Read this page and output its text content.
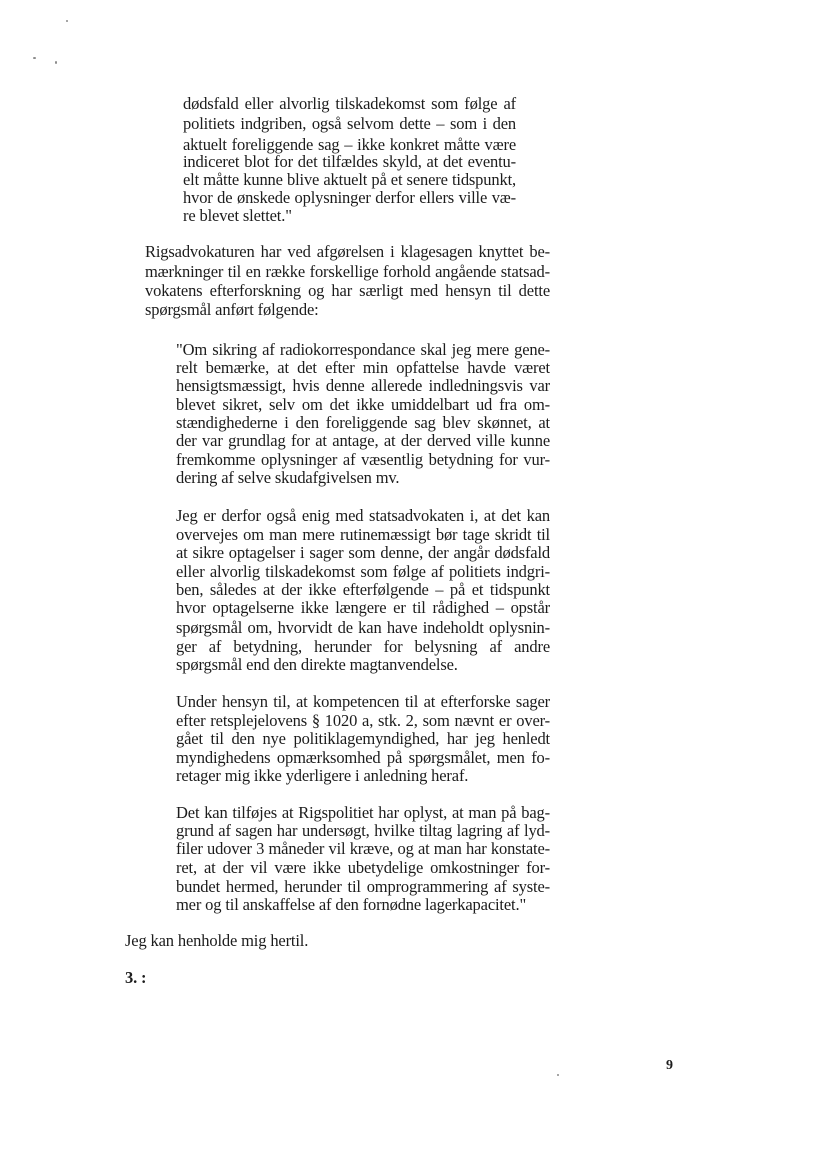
dødsfald eller alvorlig tilskadekomst som følge af
politiets indgriben, også selvom dette – som i den
aktuelt foreliggende sag – ikke konkret måtte være
indiceret blot for det tilfældes skyld, at det eventu-
elt måtte kunne blive aktuelt på et senere tidspunkt,
hvor de ønskede oplysninger derfor ellers ville væ-
re blevet slettet."
Rigsadvokaturen har ved afgørelsen i klagesagen knyttet be-
mærkninger til en række forskellige forhold angående statsad-
vokatens efterforskning og har særligt med hensyn til dette
spørgsmål anført følgende:
"Om sikring af radiokorrespondance skal jeg mere gene-
relt bemærke, at det efter min opfattelse havde været
hensigtsmæssigt, hvis denne allerede indledningsvis var
blevet sikret, selv om det ikke umiddelbart ud fra om-
stændighederne i den foreliggende sag blev skønnet, at
der var grundlag for at antage, at der derved ville kunne
fremkomme oplysninger af væsentlig betydning for vur-
dering af selve skudafgivelsen mv.
Jeg er derfor også enig med statsadvokaten i, at det kan
overvejes om man mere rutinemæssigt bør tage skridt til
at sikre optagelser i sager som denne, der angår dødsfald
eller alvorlig tilskadekomst som følge af politiets indgri-
ben, således at der ikke efterfølgende – på et tidspunkt
hvor optagelserne ikke længere er til rådighed – opstår
spørgsmål om, hvorvidt de kan have indeholdt oplysnin-
ger af betydning, herunder for belysning af andre
spørgsmål end den direkte magtanvendelse.
Under hensyn til, at kompetencen til at efterforske sager
efter retsplejelovens § 1020 a, stk. 2, som nævnt er over-
gået til den nye politiklagemyndighed, har jeg henledt
myndighedens opmærksomhed på spørgsmålet, men fo-
retager mig ikke yderligere i anledning heraf.
Det kan tilføjes at Rigspolitiet har oplyst, at man på bag-
grund af sagen har undersøgt, hvilke tiltag lagring af lyd-
filer udover 3 måneder vil kræve, og at man har konstate-
ret, at der vil være ikke ubetydelige omkostninger for-
bundet hermed, herunder til omprogrammering af syste-
mer og til anskaffelse af den fornødne lagerkapacitet."
Jeg kan henholde mig hertil.
3. :
9
